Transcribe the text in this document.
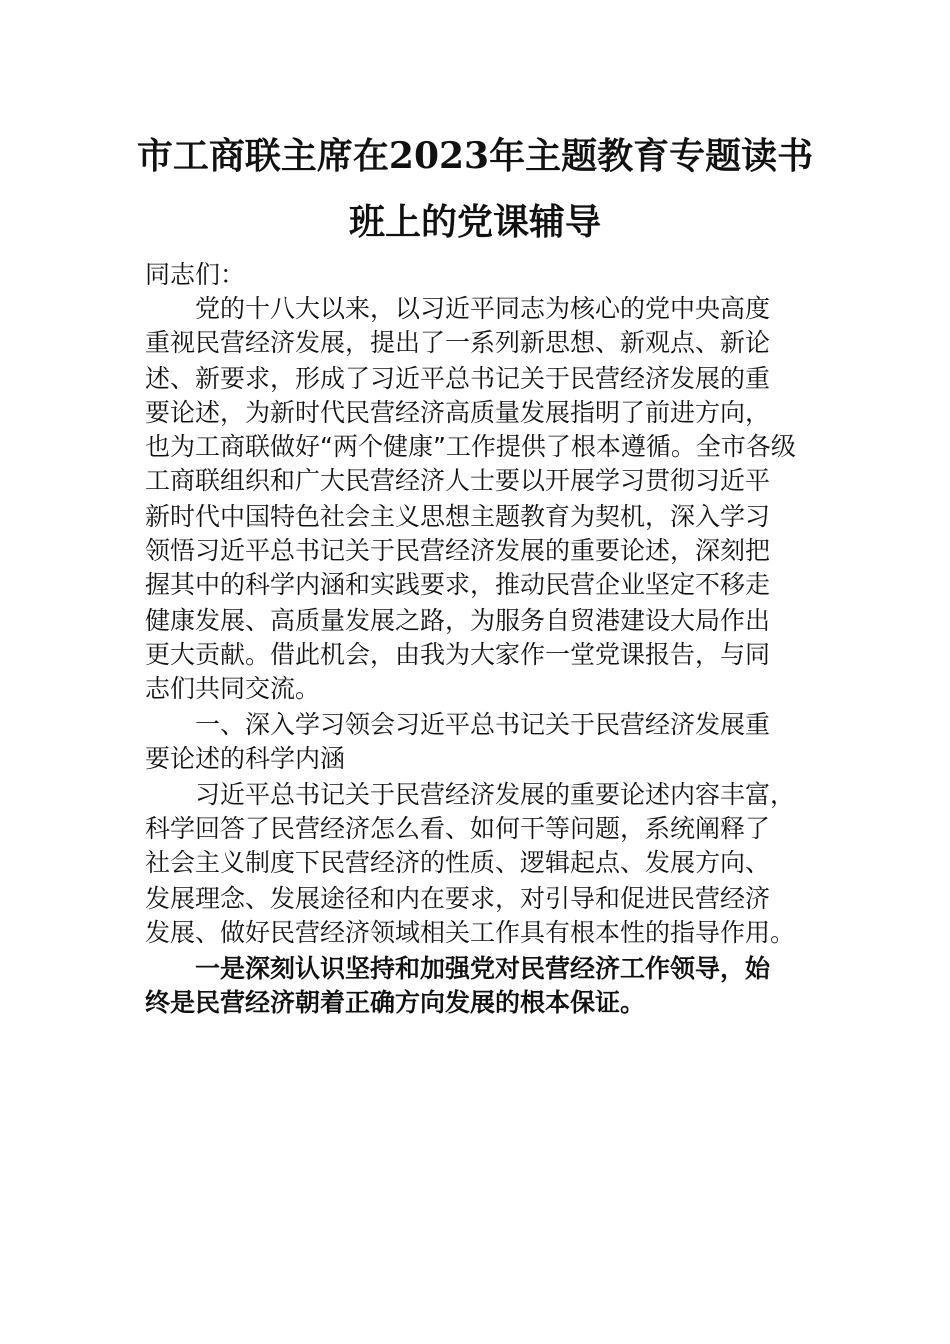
市工商联主席在2023年主题教育专题读书
班上的党课辅导

同志们：

党的十八大以来，以习近平同志为核心的党中央高度

重视民营经济发展，提出了一系列新思想、新观点、新论

述、新要求，形成了习近平总书记关于民营经济发展的重

要论述，为新时代民营经济高质量发展指明了前进方向，

也为工商联做好“两个健康”工作提供了根本遵循。全市各级

工商联组织和广大民营经济人士要以开展学习贯彻习近平

新时代中国特色社会主义思想主题教育为契机，深入学习

领悟习近平总书记关于民营经济发展的重要论述，深刻把

握其中的科学内涵和实践要求，推动民营企业坚定不移走

健康发展、高质量发展之路，为服务自贸港建设大局作出

更大贡献。借此机会，由我为大家作一堂党课报告，与同

志们共同交流。

一、深入学习领会习近平总书记关于民营经济发展重

要论述的科学内涵

习近平总书记关于民营经济发展的重要论述内容丰富，

科学回答了民营经济怎么看、如何干等问题，系统阐释了

社会主义制度下民营经济的性质、逻辑起点、发展方向、

发展理念、发展途径和内在要求，对引导和促进民营经济

发展、做好民营经济领域相关工作具有根本性的指导作用。

一是深刻认识坚持和加强党对民营经济工作领导，始

终是民营经济朝着正确方向发展的根本保证。
